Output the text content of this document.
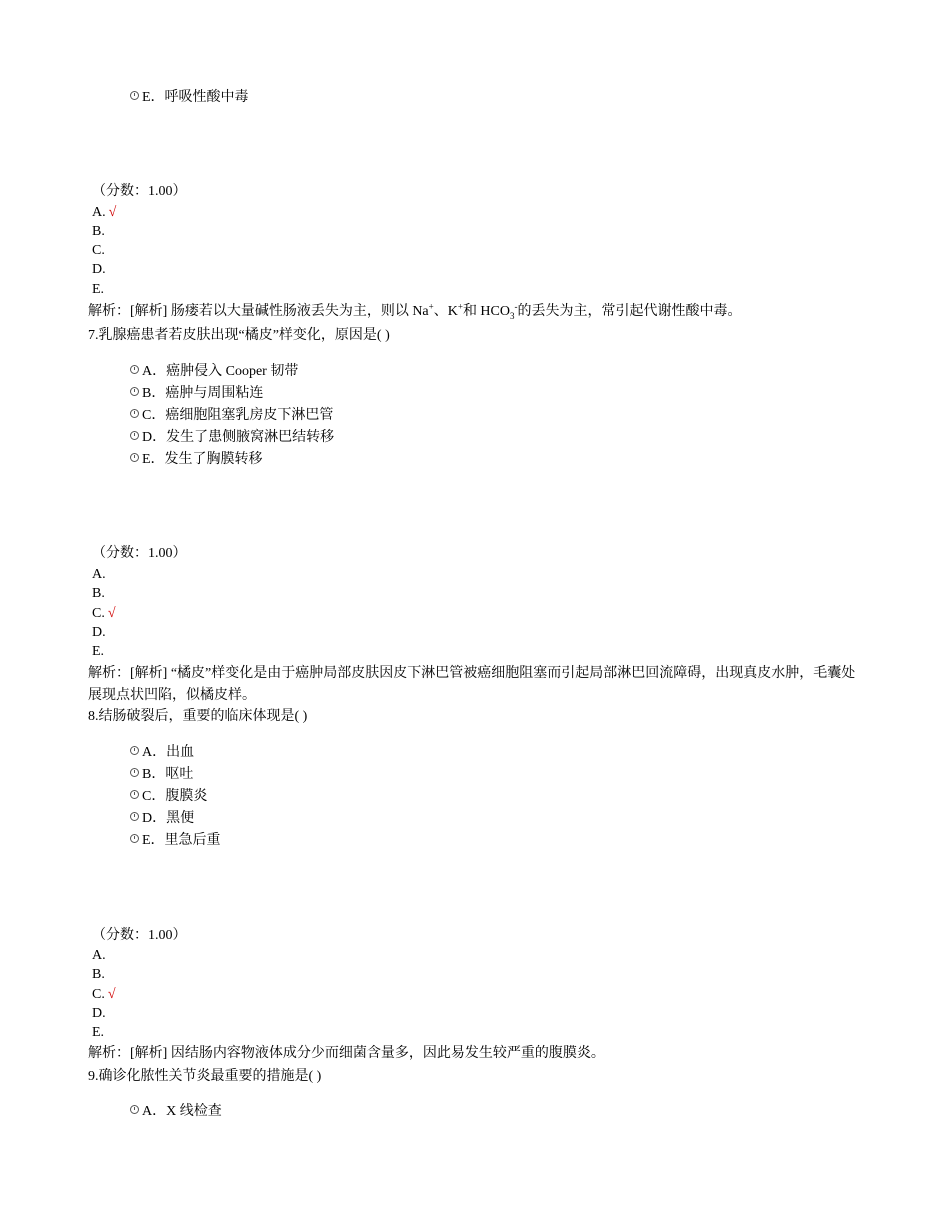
E．呼吸性酸中毒
（分数：1.00）
A. √
B.
C.
D.
E.
解析：[解析] 肠瘘若以大量碱性肠液丢失为主，则以 Na+、K+和 $HCO_3^-$的丢失为主，常引起代谢性酸中毒。
7.乳腺癌患者若皮肤出现“橘皮”样变化，原因是( )
A．癌肿侵入 Cooper 韧带
B．癌肿与周围粘连
C．癌细胞阻塞乳房皮下淋巴管
D．发生了患侧腋窝淋巴结转移
E．发生了胸膜转移
（分数：1.00）
A.
B.
C. √
D.
E.
解析：[解析] “橘皮”样变化是由于癌肿局部皮肤因皮下淋巴管被癌细胞阻塞而引起局部淋巴回流障碍，出现真皮水肿，毛囊处展现点状凹陷，似橘皮样。
8.结肠破裂后，重要的临床体现是( )
A．出血
B．呕吐
C．腹膜炎
D．黑便
E．里急后重
（分数：1.00）
A.
B.
C. √
D.
E.
解析：[解析] 因结肠内容物液体成分少而细菌含量多，因此易发生较严重的腹膜炎。
9.确诊化脓性关节炎最重要的措施是( )
A．X 线检查
